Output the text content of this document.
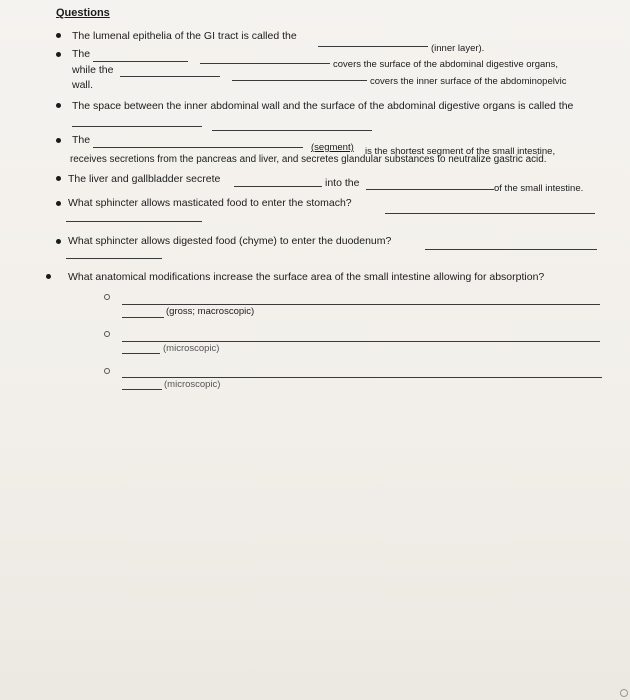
Questions
The lumenal epithelia of the GI tract is called the
(inner layer).
The
covers the surface of the abdominal digestive organs,
while the
covers the inner surface of the abdominopelvic
wall.
The space between the inner abdominal wall and the surface of the abdominal digestive organs is called the
The
(segment) is the shortest segment of the small intestine,
receives secretions from the pancreas and liver, and secretes glandular substances to neutralize gastric acid.
The liver and gallbladder secrete	into the	of the small intestine.
What sphincter allows masticated food to enter the stomach?
What sphincter allows digested food (chyme) to enter the duodenum?
What anatomical modifications increase the surface area of the small intestine allowing for absorption?
(gross; macroscopic)
(microscopic)
(microscopic)
